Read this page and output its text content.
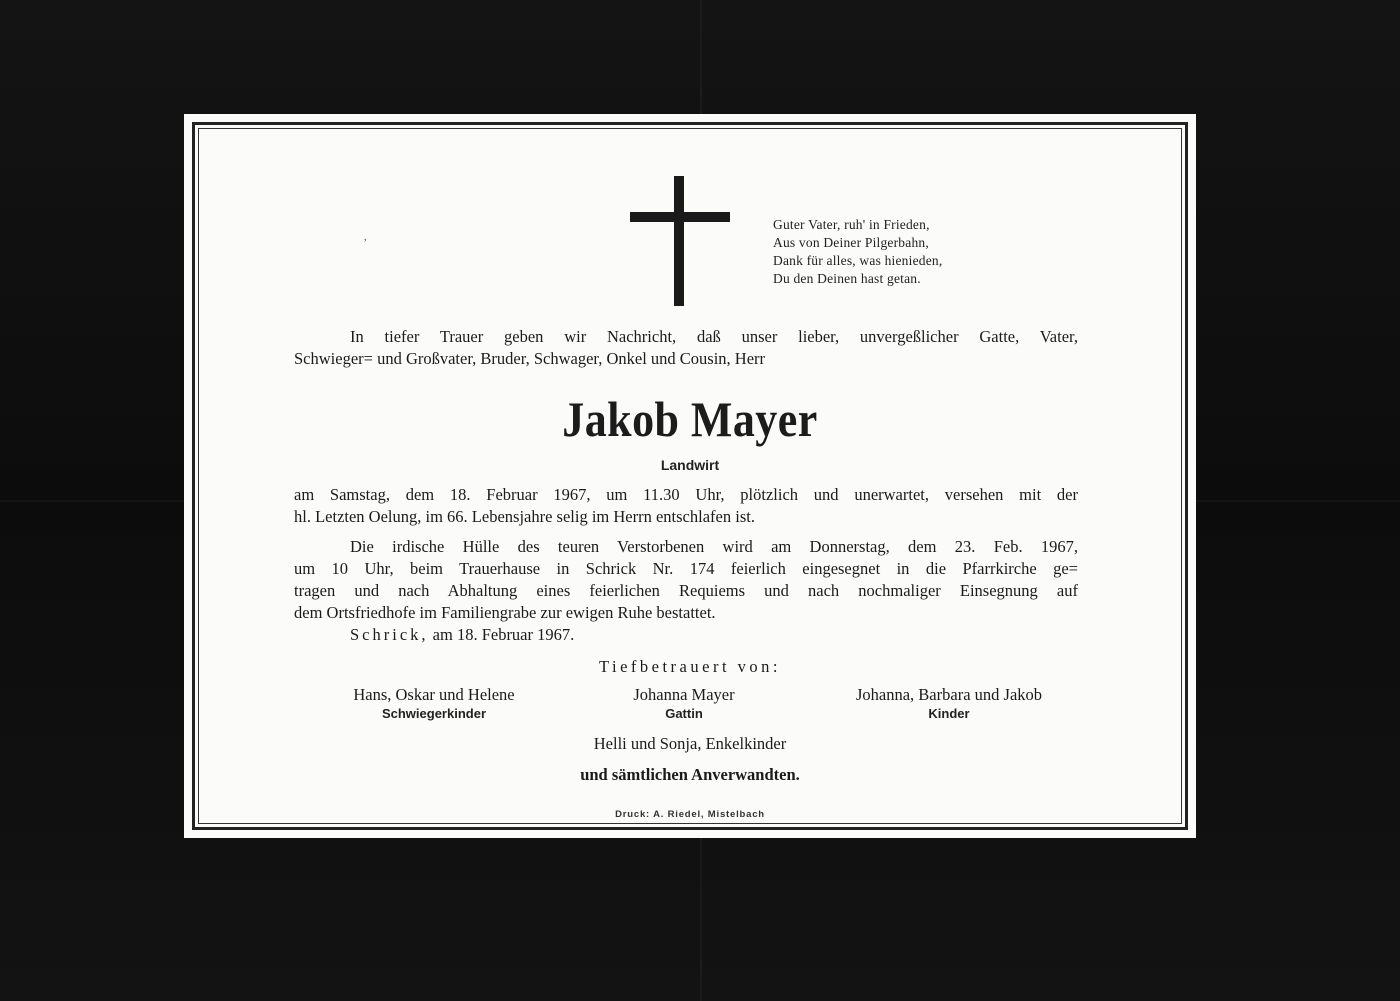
,
Guter Vater, ruh' in Frieden,
Aus von Deiner Pilgerbahn,
Dank für alles, was hienieden,
Du den Deinen hast getan.
In tiefer Trauer geben wir Nachricht, daß unser lieber, unvergeßlicher Gatte, Vater,
Schwieger= und Großvater, Bruder, Schwager, Onkel und Cousin, Herr
Jakob Mayer
Landwirt
am Samstag, dem 18. Februar 1967, um 11.30 Uhr, plötzlich und unerwartet, versehen mit der
hl. Letzten Oelung, im 66. Lebensjahre selig im Herrn entschlafen ist.
Die irdische Hülle des teuren Verstorbenen wird am Donnerstag, dem 23. Feb. 1967,
um 10 Uhr, beim Trauerhause in Schrick Nr. 174 feierlich eingesegnet in die Pfarrkirche ge=
tragen und nach Abhaltung eines feierlichen Requiems und nach nochmaliger Einsegnung auf
dem Ortsfriedhofe im Familiengrabe zur ewigen Ruhe bestattet.
Schrick, am 18. Februar 1967.
Tiefbetrauert von:
Hans, Oskar und Helene
Schwiegerkinder
Johanna Mayer
Gattin
Johanna, Barbara und Jakob
Kinder
Helli und Sonja, Enkelkinder
und sämtlichen Anverwandten.
Druck: A. Riedel, Mistelbach
